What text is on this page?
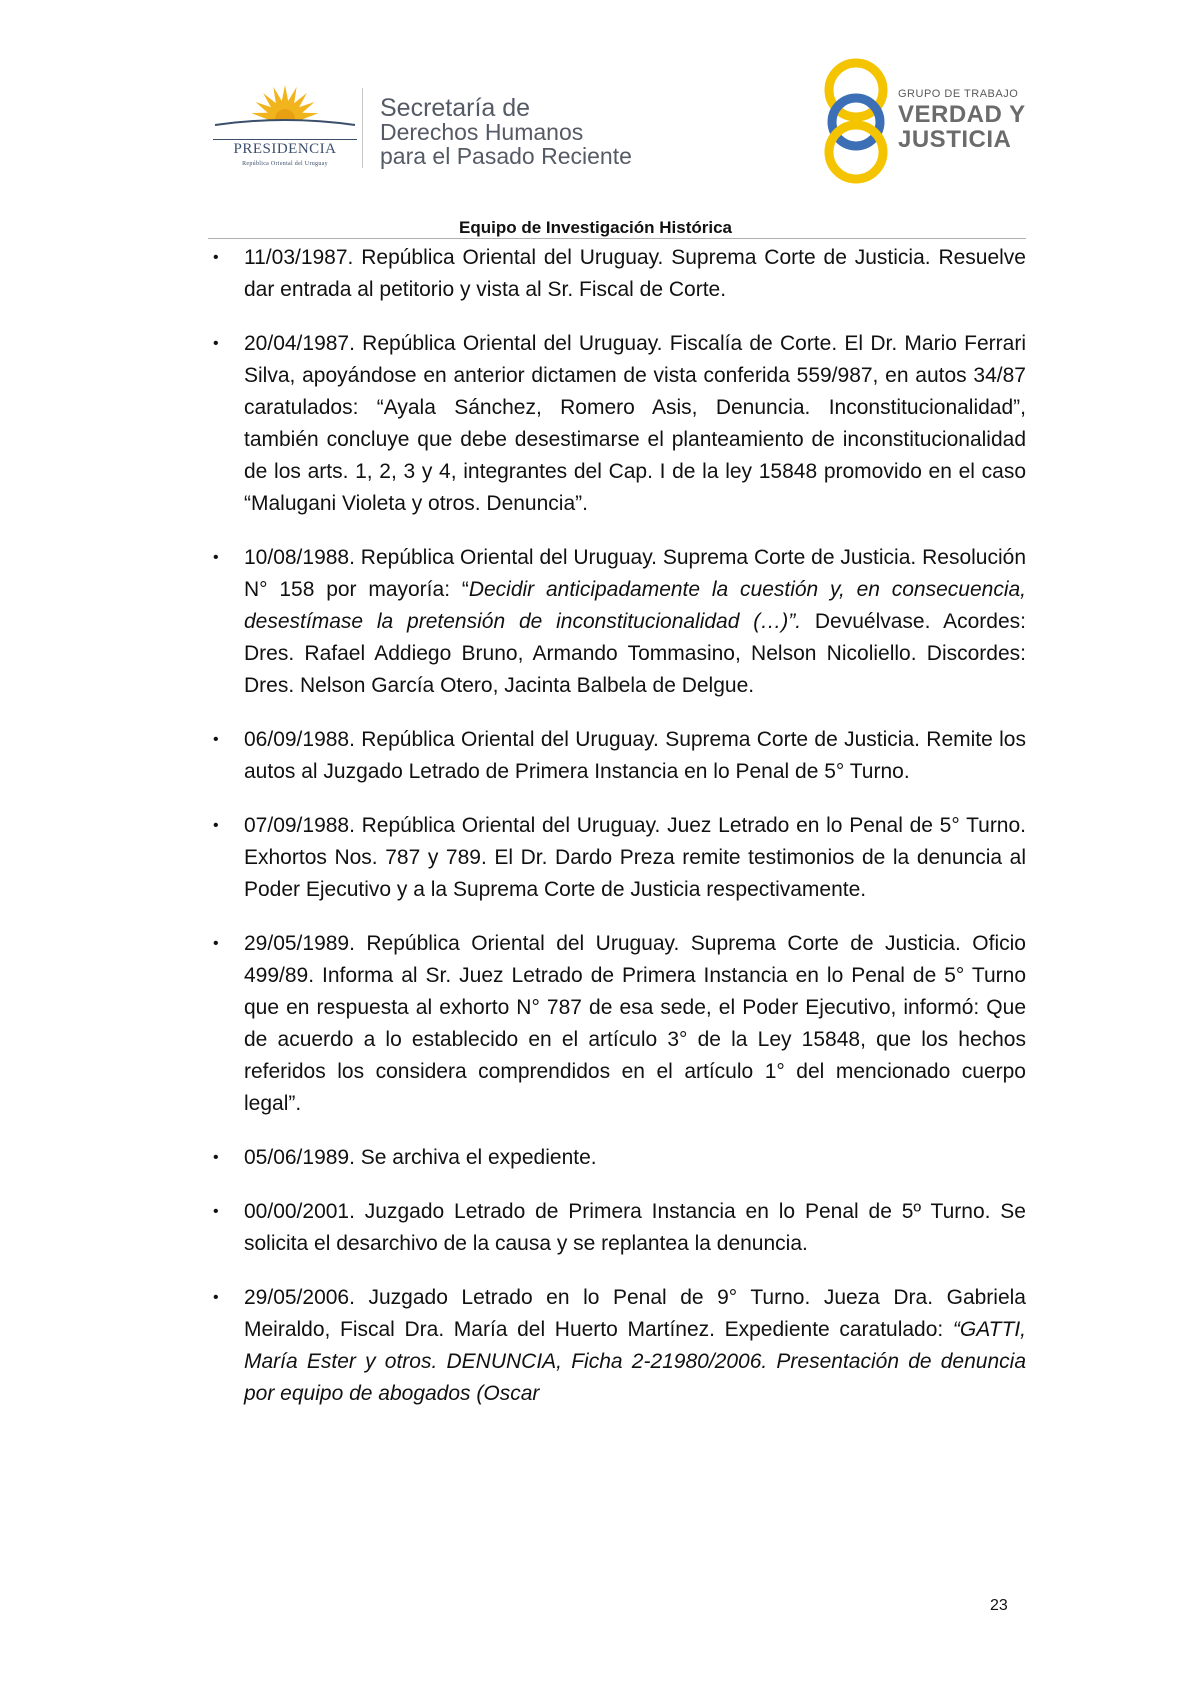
PRESIDENCIA
República Oriental del Uruguay
Secretaría de
Derechos Humanos
para el Pasado Reciente
GRUPO DE TRABAJO
VERDAD Y
JUSTICIA
Equipo de Investigación Histórica
• 11/03/1987. República Oriental del Uruguay. Suprema Corte de Justicia. Resuelve dar entrada al petitorio y vista al Sr. Fiscal de Corte.

• 20/04/1987. República Oriental del Uruguay. Fiscalía de Corte. El Dr. Mario Ferrari Silva, apoyándose en anterior dictamen de vista conferida 559/987, en autos 34/87 caratulados: “Ayala Sánchez, Romero Asis, Denuncia. Inconstitucionalidad”, también concluye que debe desestimarse el planteamiento de inconstitucionalidad de los arts. 1, 2, 3 y 4, integrantes del Cap. I de la ley 15848 promovido en el caso “Malugani Violeta y otros. Denuncia”.

• 10/08/1988. República Oriental del Uruguay. Suprema Corte de Justicia. Resolución N° 158 por mayoría: “Decidir anticipadamente la cuestión y, en consecuencia, desestímase la pretensión de inconstitucionalidad (…)”. Devuélvase. Acordes: Dres. Rafael Addiego Bruno, Armando Tommasino, Nelson Nicoliello. Discordes: Dres. Nelson García Otero, Jacinta Balbela de Delgue.

• 06/09/1988. República Oriental del Uruguay. Suprema Corte de Justicia. Remite los autos al Juzgado Letrado de Primera Instancia en lo Penal de 5° Turno.

• 07/09/1988. República Oriental del Uruguay. Juez Letrado en lo Penal de 5° Turno. Exhortos Nos. 787 y 789. El Dr. Dardo Preza remite testimonios de la denuncia al Poder Ejecutivo y a la Suprema Corte de Justicia respectivamente.

• 29/05/1989. República Oriental del Uruguay. Suprema Corte de Justicia. Oficio 499/89. Informa al Sr. Juez Letrado de Primera Instancia en lo Penal de 5° Turno que en respuesta al exhorto N° 787 de esa sede, el Poder Ejecutivo, informó: Que de acuerdo a lo establecido en el artículo 3° de la Ley 15848, que los hechos referidos los considera comprendidos en el artículo 1° del mencionado cuerpo legal”.

• 05/06/1989. Se archiva el expediente.

• 00/00/2001. Juzgado Letrado de Primera Instancia en lo Penal de 5º Turno. Se solicita el desarchivo de la causa y se replantea la denuncia.

• 29/05/2006. Juzgado Letrado en lo Penal de 9° Turno. Jueza Dra. Gabriela Meiraldo, Fiscal Dra. María del Huerto Martínez. Expediente caratulado: “GATTI, María Ester y otros. DENUNCIA, Ficha 2-21980/2006. Presentación de denuncia por equipo de abogados (Oscar

23
